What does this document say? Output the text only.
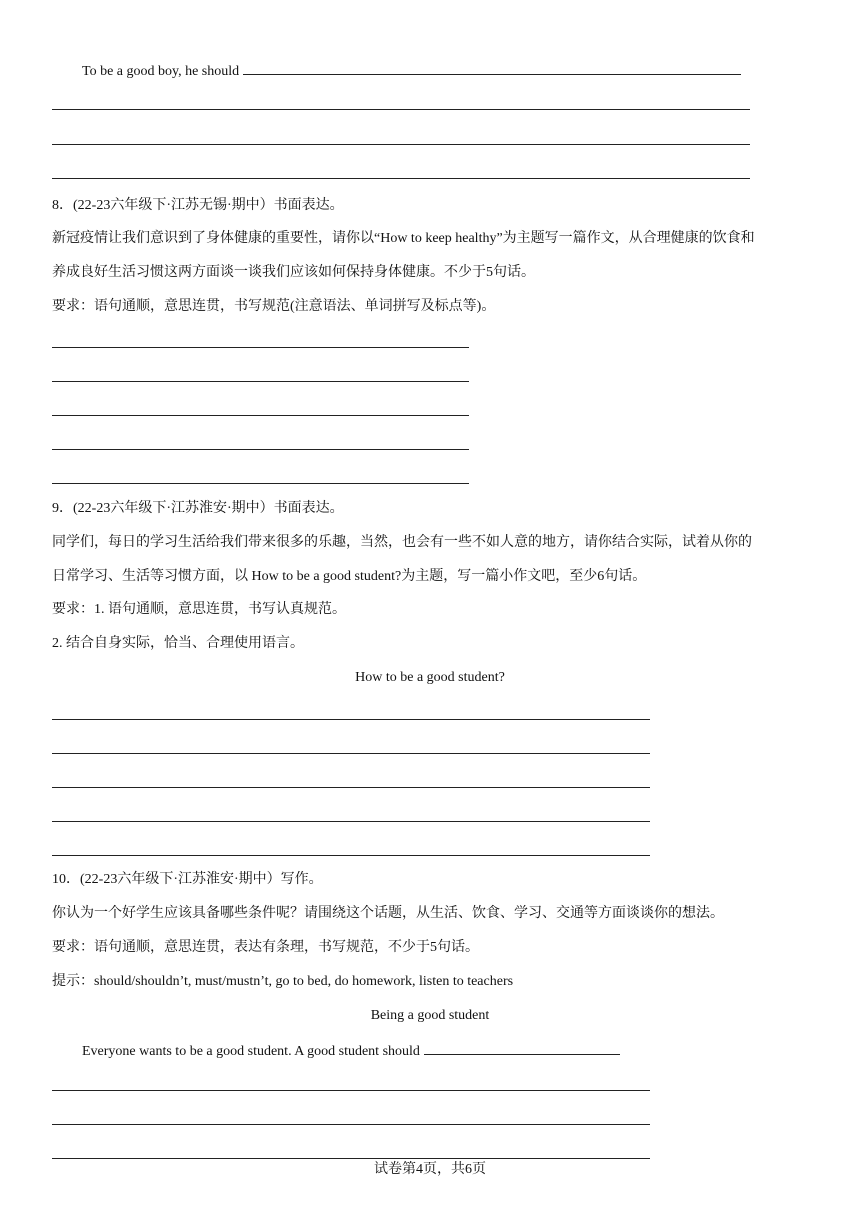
To be a good boy, he should
8．(22-23六年级下·江苏无锡·期中）书面表达。
新冠疫情让我们意识到了身体健康的重要性，请你以“How to keep healthy”为主题写一篇作文，从合理健康的饮食和
养成良好生活习惯这两方面谈一谈我们应该如何保持身体健康。不少于5句话。
要求：语句通顺，意思连贯，书写规范(注意语法、单词拼写及标点等)。
9．(22-23六年级下·江苏淮安·期中）书面表达。
同学们，每日的学习生活给我们带来很多的乐趣，当然，也会有一些不如人意的地方，请你结合实际，试着从你的
日常学习、生活等习惯方面，以 How to be a good student?为主题，写一篇小作文吧，至少6句话。
要求：1. 语句通顺，意思连贯，书写认真规范。
2. 结合自身实际，恰当、合理使用语言。
How to be a good student?
10．(22-23六年级下·江苏淮安·期中）写作。
你认为一个好学生应该具备哪些条件呢？请围绕这个话题，从生活、饮食、学习、交通等方面谈谈你的想法。
要求：语句通顺，意思连贯，表达有条理，书写规范，不少于5句话。
提示：should/shouldn’t, must/mustn’t, go to bed, do homework, listen to teachers
Being a good student
Everyone wants to be a good student. A good student should
试卷第4页，共6页
